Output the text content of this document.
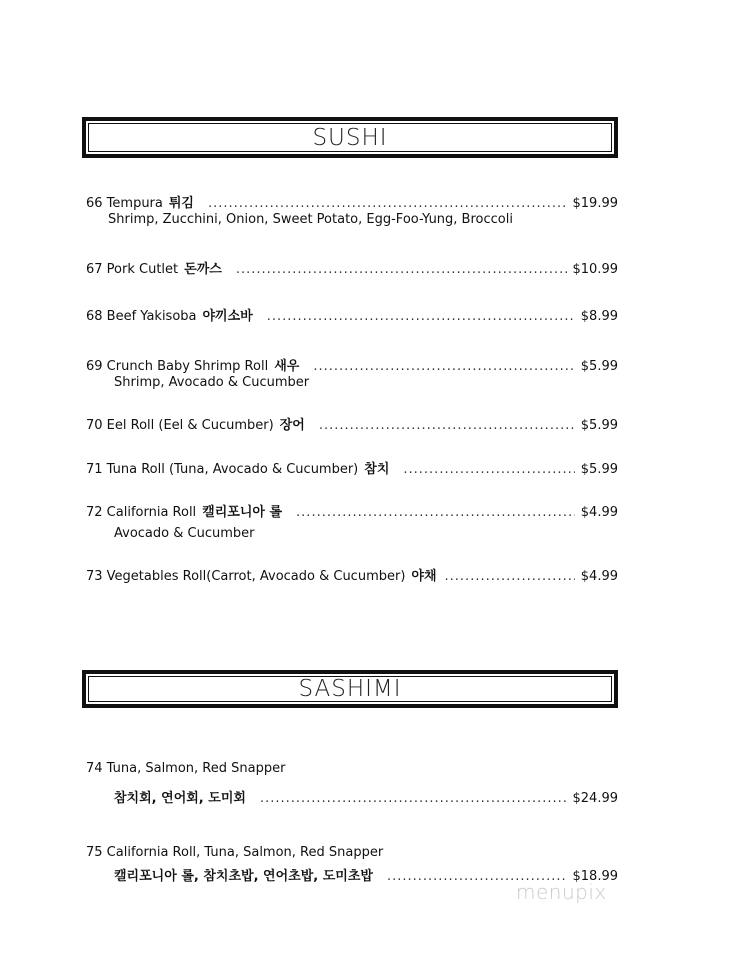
SUSHI
66 Tempura 튀김 .....	$19.99
Shrimp, Zucchini, Onion, Sweet Potato, Egg-Foo-Yung, Broccoli
67 Pork Cutlet 돈까스 .....	$10.99
68 Beef Yakisoba 야끼소바 .....	$8.99
69 Crunch Baby Shrimp Roll 새우 .....	$5.99
Shrimp, Avocado & Cucumber
70 Eel Roll (Eel & Cucumber) 장어 .....	$5.99
71 Tuna Roll (Tuna, Avocado & Cucumber) 참치 .....	$5.99
72 California Roll 캘리포니아 롤 .....	$4.99
Avocado & Cucumber
73 Vegetables Roll(Carrot, Avocado & Cucumber) 야채 .....	$4.99
SASHIMI
74 Tuna, Salmon, Red Snapper
참치회, 연어회, 도미회 .....	$24.99
75 California Roll, Tuna, Salmon, Red Snapper
캘리포니아 롤, 참치초밥, 연어초밥, 도미초밥 .....	$18.99
menupix
